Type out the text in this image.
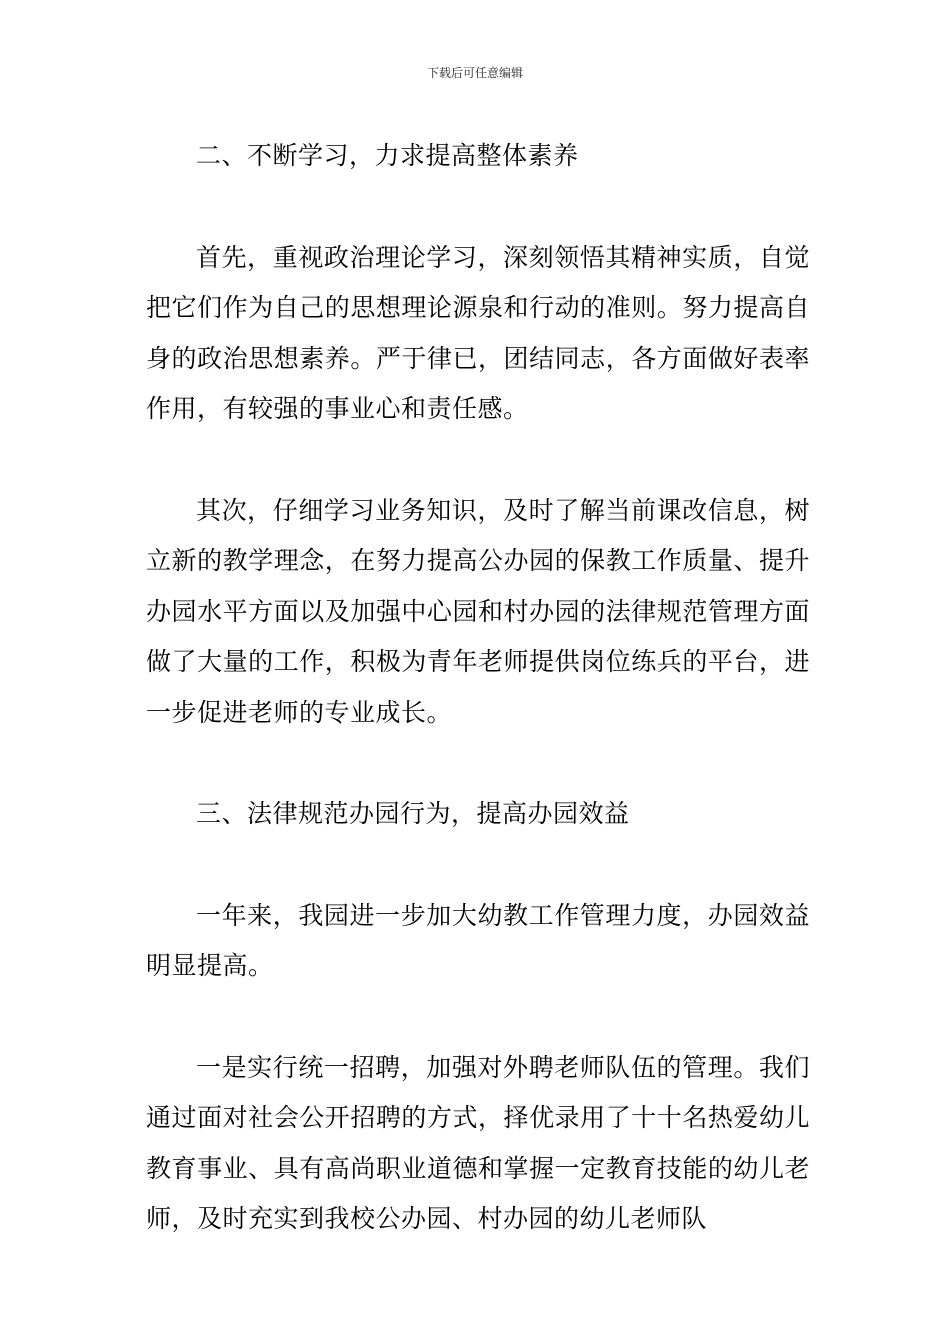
下载后可任意编辑

二、不断学习，力求提高整体素养

首先，重视政治理论学习，深刻领悟其精神实质，自觉把它们作为自己的思想理论源泉和行动的准则。努力提高自身的政治思想素养。严于律已，团结同志，各方面做好表率作用，有较强的事业心和责任感。

其次，仔细学习业务知识，及时了解当前课改信息，树立新的教学理念，在努力提高公办园的保教工作质量、提升办园水平方面以及加强中心园和村办园的法律规范管理方面做了大量的工作，积极为青年老师提供岗位练兵的平台，进一步促进老师的专业成长。

三、法律规范办园行为，提高办园效益

一年来，我园进一步加大幼教工作管理力度，办园效益明显提高。

一是实行统一招聘，加强对外聘老师队伍的管理。我们通过面对社会公开招聘的方式，择优录用了十十名热爱幼儿教育事业、具有高尚职业道德和掌握一定教育技能的幼儿老师，及时充实到我校公办园、村办园的幼儿老师队
